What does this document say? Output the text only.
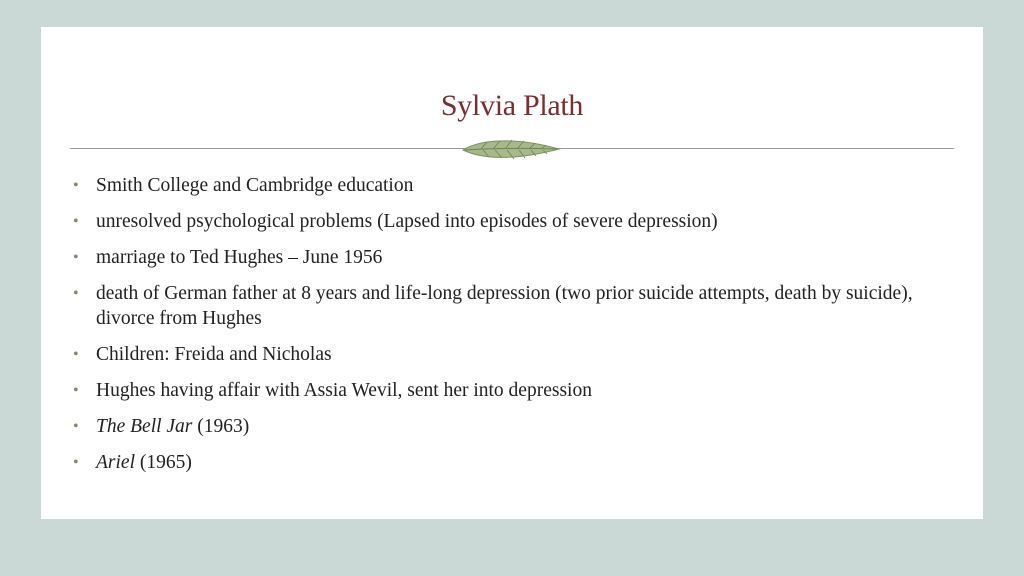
Sylvia Plath
• Smith College and Cambridge education
• unresolved psychological problems (Lapsed into episodes of severe depression)
• marriage to Ted Hughes – June 1956
• death of German father at 8 years and life-long depression (two prior suicide attempts, death by suicide), divorce from Hughes
• Children: Freida and Nicholas
• Hughes having affair with Assia Wevil, sent her into depression
• The Bell Jar (1963)
• Ariel (1965)
